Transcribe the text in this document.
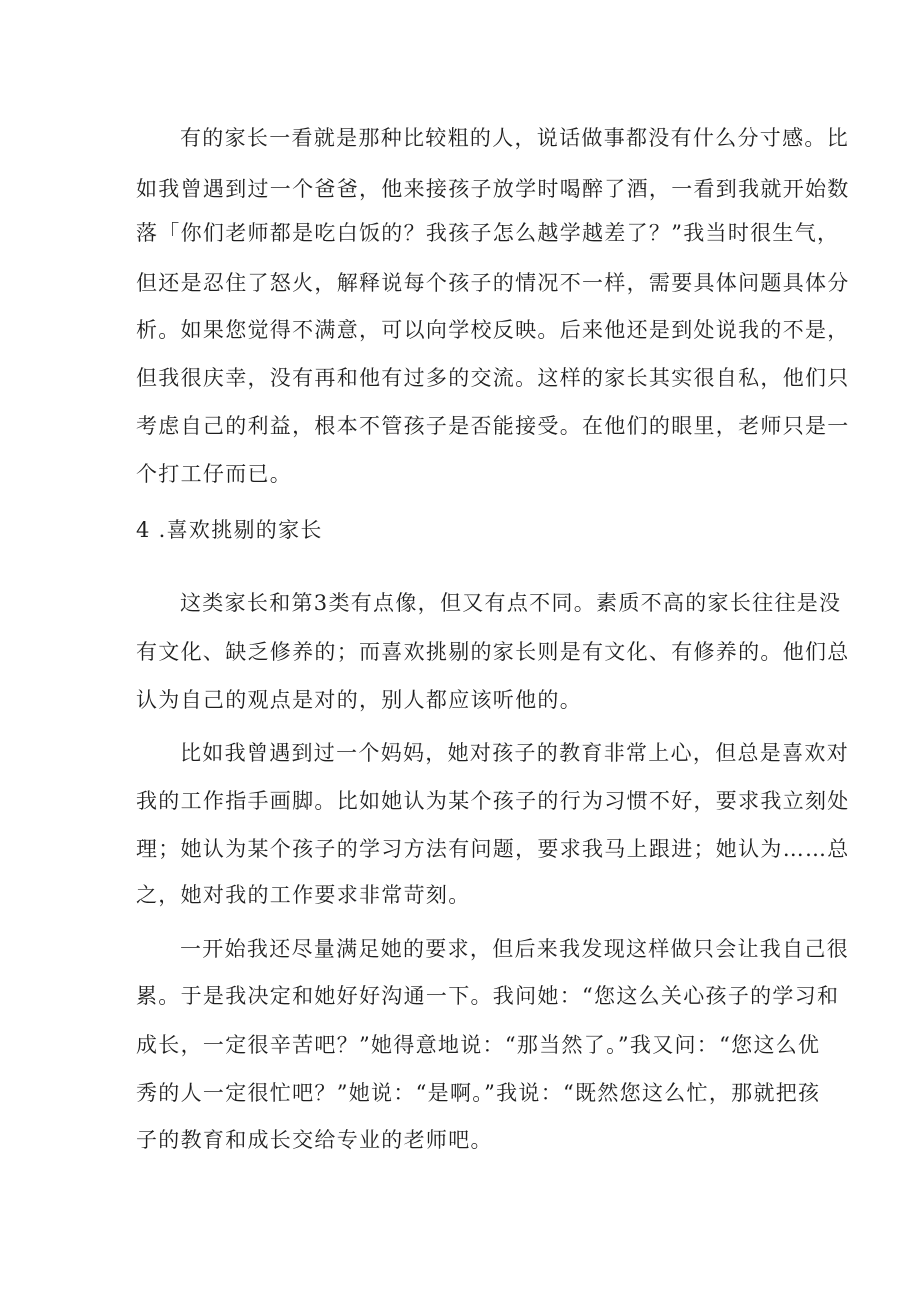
有的家长一看就是那种比较粗的人，说话做事都没有什么分寸感。比

如我曾遇到过一个爸爸，他来接孩子放学时喝醉了酒，一看到我就开始数

落「你们老师都是吃白饭的？我孩子怎么越学越差了？”我当时很生气，

但还是忍住了怒火，解释说每个孩子的情况不一样，需要具体问题具体分

析。如果您觉得不满意，可以向学校反映。后来他还是到处说我的不是，

但我很庆幸，没有再和他有过多的交流。这样的家长其实很自私，他们只

考虑自己的利益，根本不管孩子是否能接受。在他们的眼里，老师只是一

个打工仔而已。

4 .喜欢挑剔的家长

这类家长和第3类有点像，但又有点不同。素质不高的家长往往是没

有文化、缺乏修养的；而喜欢挑剔的家长则是有文化、有修养的。他们总

认为自己的观点是对的，别人都应该听他的。

比如我曾遇到过一个妈妈，她对孩子的教育非常上心，但总是喜欢对

我的工作指手画脚。比如她认为某个孩子的行为习惯不好，要求我立刻处

理；她认为某个孩子的学习方法有问题，要求我马上跟进；她认为……总

之，她对我的工作要求非常苛刻。

一开始我还尽量满足她的要求，但后来我发现这样做只会让我自己很

累。于是我决定和她好好沟通一下。我问她：“您这么关心孩子的学习和

成长，一定很辛苦吧？”她得意地说：“那当然了。”我又问：“您这么优

秀的人一定很忙吧？”她说：“是啊。”我说：“既然您这么忙，那就把孩

子的教育和成长交给专业的老师吧。
